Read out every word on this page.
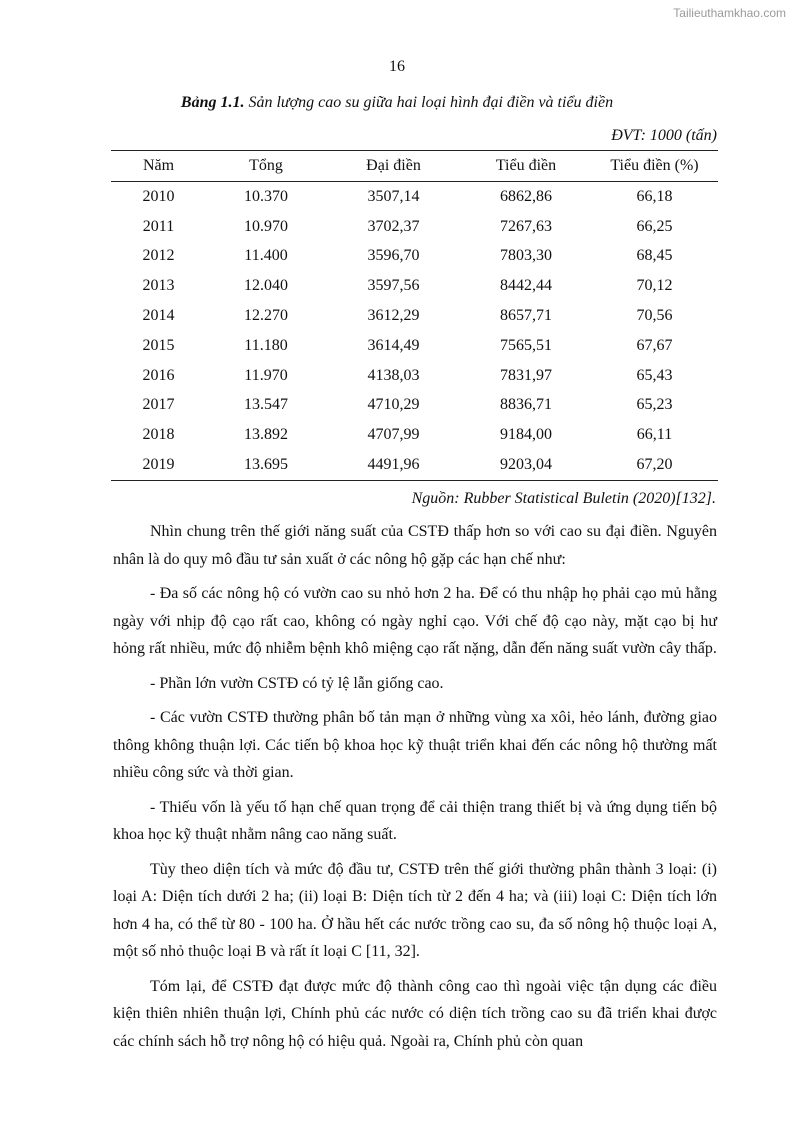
Tailieuthamkhao.com
16
Bảng 1.1. Sản lượng cao su giữa hai loại hình đại điền và tiểu điền
ĐVT: 1000 (tấn)
Năm	Tổng	Đại điền	Tiểu điền	Tiểu điền (%)
2010	10.370	3507,14	6862,86	66,18
2011	10.970	3702,37	7267,63	66,25
2012	11.400	3596,70	7803,30	68,45
2013	12.040	3597,56	8442,44	70,12
2014	12.270	3612,29	8657,71	70,56
2015	11.180	3614,49	7565,51	67,67
2016	11.970	4138,03	7831,97	65,43
2017	13.547	4710,29	8836,71	65,23
2018	13.892	4707,99	9184,00	66,11
2019	13.695	4491,96	9203,04	67,20
Nguồn: Rubber Statistical Buletin (2020)[132].

Nhìn chung trên thế giới năng suất của CSTĐ thấp hơn so với cao su đại điền. Nguyên nhân là do quy mô đầu tư sản xuất ở các nông hộ gặp các hạn chế như:

- Đa số các nông hộ có vườn cao su nhỏ hơn 2 ha. Để có thu nhập họ phải cạo mủ hằng ngày với nhịp độ cạo rất cao, không có ngày nghỉ cạo. Với chế độ cạo này, mặt cạo bị hư hỏng rất nhiều, mức độ nhiễm bệnh khô miệng cạo rất nặng, dẫn đến năng suất vườn cây thấp.

- Phần lớn vườn CSTĐ có tỷ lệ lẫn giống cao.

- Các vườn CSTĐ thường phân bố tản mạn ở những vùng xa xôi, hẻo lánh, đường giao thông không thuận lợi. Các tiến bộ khoa học kỹ thuật triển khai đến các nông hộ thường mất nhiều công sức và thời gian.

- Thiếu vốn là yếu tố hạn chế quan trọng để cải thiện trang thiết bị và ứng dụng tiến bộ khoa học kỹ thuật nhằm nâng cao năng suất.

Tùy theo diện tích và mức độ đầu tư, CSTĐ trên thế giới thường phân thành 3 loại: (i) loại A: Diện tích dưới 2 ha; (ii) loại B: Diện tích từ 2 đến 4 ha; và (iii) loại C: Diện tích lớn hơn 4 ha, có thể từ 80 - 100 ha. Ở hầu hết các nước trồng cao su, đa số nông hộ thuộc loại A, một số nhỏ thuộc loại B và rất ít loại C [11, 32].

Tóm lại, để CSTĐ đạt được mức độ thành công cao thì ngoài việc tận dụng các điều kiện thiên nhiên thuận lợi, Chính phủ các nước có diện tích trồng cao su đã triển khai được các chính sách hỗ trợ nông hộ có hiệu quả. Ngoài ra, Chính phủ còn quan
